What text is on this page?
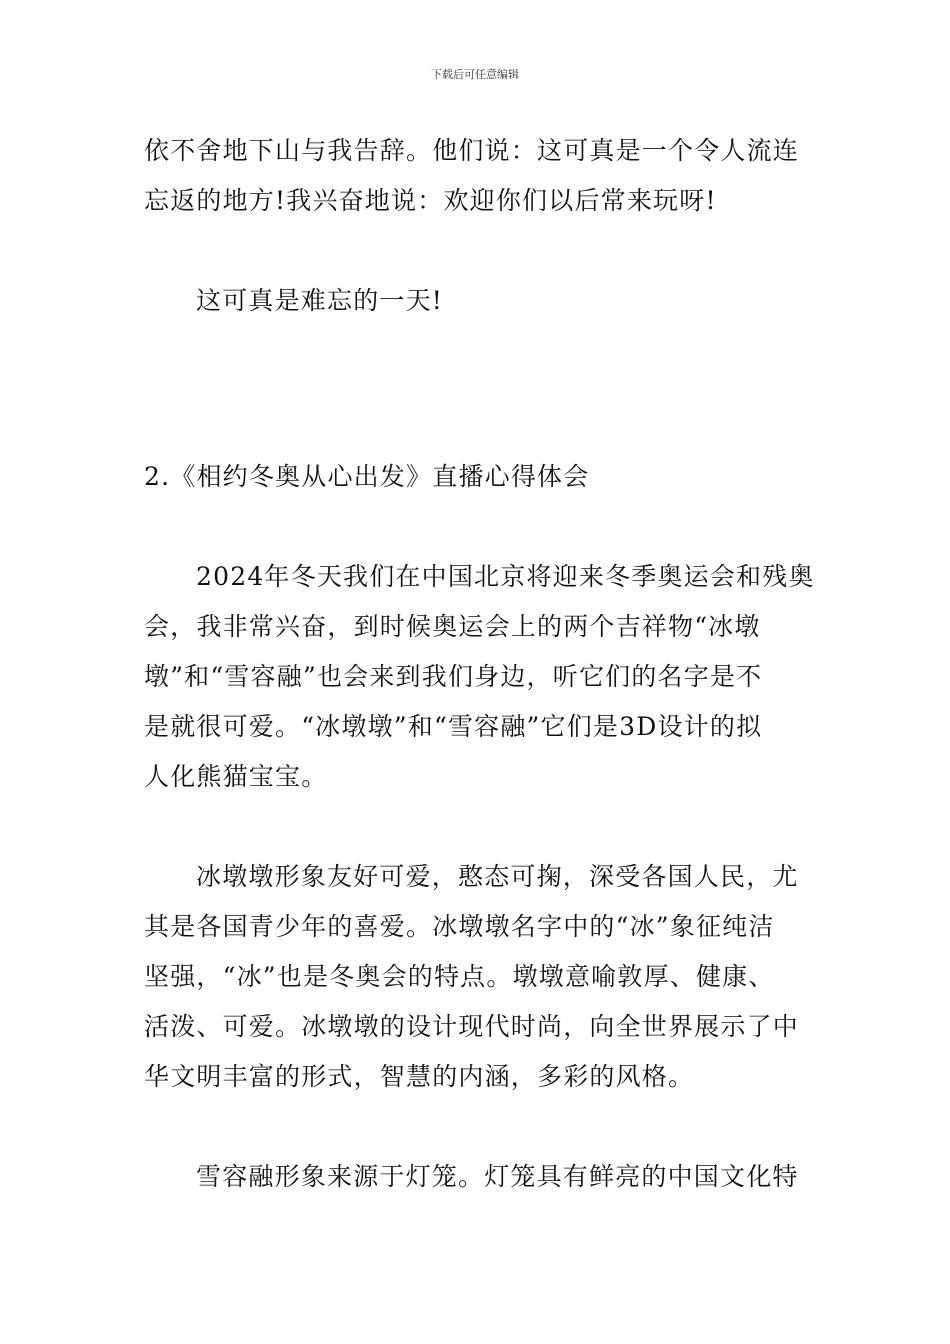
下载后可任意编辑
依不舍地下山与我告辞。他们说：这可真是一个令人流连
忘返的地方!我兴奋地说：欢迎你们以后常来玩呀!
这可真是难忘的一天!
2.《相约冬奥从心出发》直播心得体会
2024年冬天我们在中国北京将迎来冬季奥运会和残奥
会，我非常兴奋，到时候奥运会上的两个吉祥物“冰墩
墩”和“雪容融”也会来到我们身边，听它们的名字是不
是就很可爱。“冰墩墩”和“雪容融”它们是3D设计的拟
人化熊猫宝宝。
冰墩墩形象友好可爱，憨态可掬，深受各国人民，尤
其是各国青少年的喜爱。冰墩墩名字中的“冰”象征纯洁
坚强，“冰”也是冬奥会的特点。墩墩意喻敦厚、健康、
活泼、可爱。冰墩墩的设计现代时尚，向全世界展示了中
华文明丰富的形式，智慧的内涵，多彩的风格。
雪容融形象来源于灯笼。灯笼具有鲜亮的中国文化特
